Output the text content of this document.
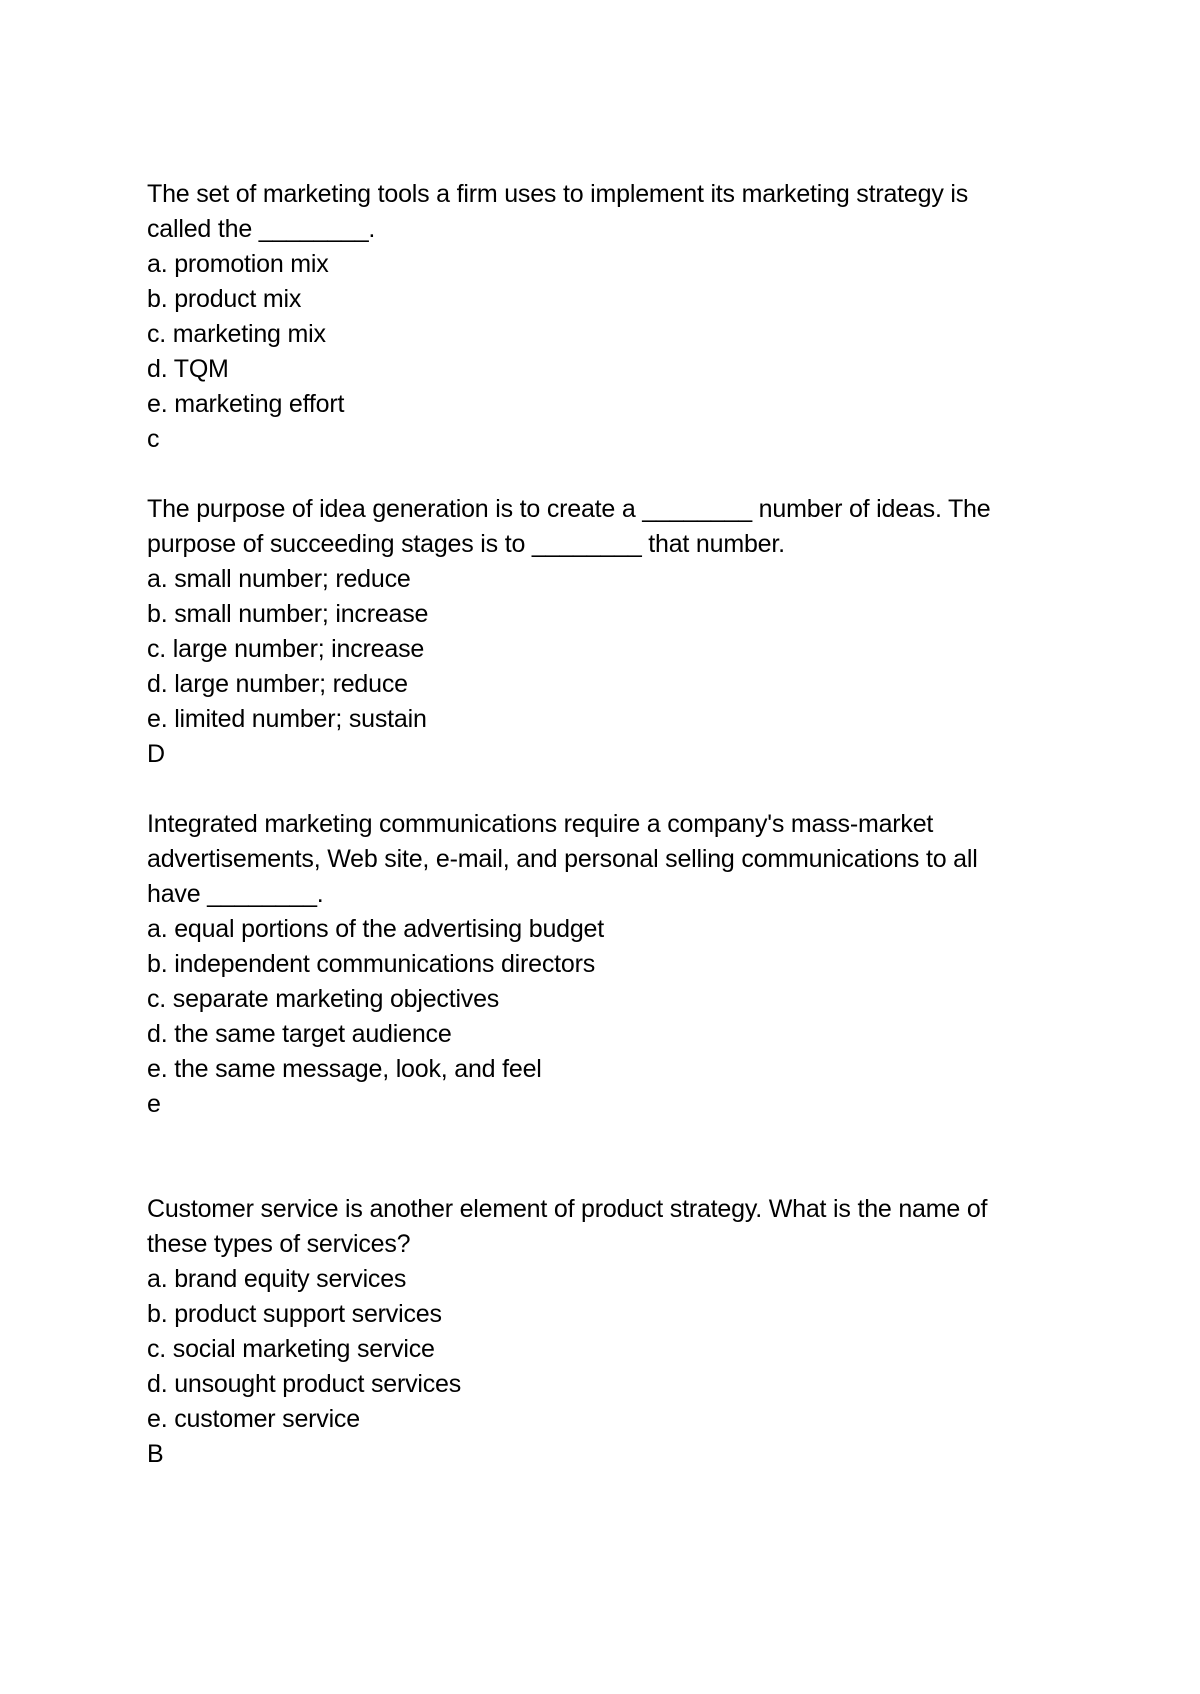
The set of marketing tools a firm uses to implement its marketing strategy is
called the ________.
a. promotion mix
b. product mix
c. marketing mix
d. TQM
e. marketing effort
c
The purpose of idea generation is to create a ________ number of ideas. The
purpose of succeeding stages is to ________ that number.
a. small number; reduce
b. small number; increase
c. large number; increase
d. large number; reduce
e. limited number; sustain
D
Integrated marketing communications require a company's mass-market
advertisements, Web site, e-mail, and personal selling communications to all
have ________.
a. equal portions of the advertising budget
b. independent communications directors
c. separate marketing objectives
d. the same target audience
e. the same message, look, and feel
e
Customer service is another element of product strategy. What is the name of
these types of services?
a. brand equity services
b. product support services
c. social marketing service
d. unsought product services
e. customer service
B
